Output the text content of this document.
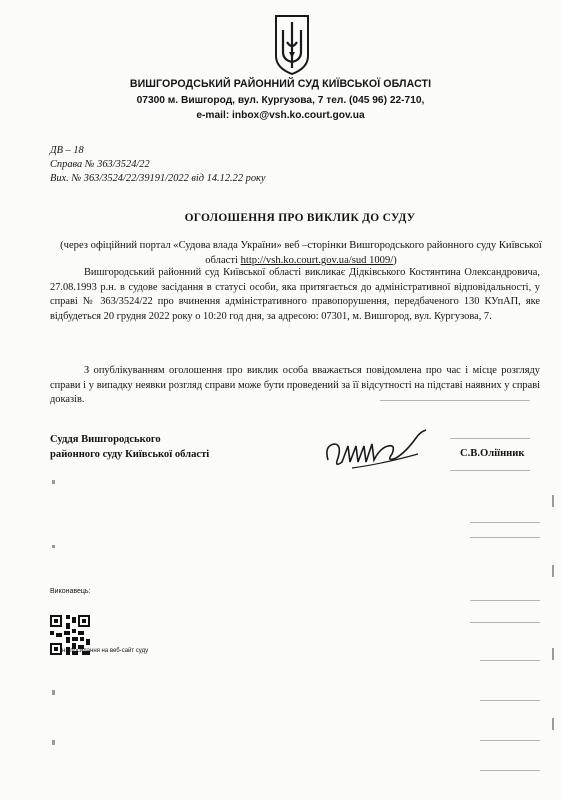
ВИШГОРОДСЬКИЙ РАЙОННИЙ СУД КИЇВСЬКОЇ ОБЛАСТІ
07300 м. Вишгород, вул. Кургузова, 7 тел. (045 96) 22-710,
e-mail: inbox@vsh.ko.court.gov.ua
ДВ – 18
Справа № 363/3524/22
Вих. № 363/3524/22/39191/2022 від 14.12.22 року
ОГОЛОШЕННЯ ПРО ВИКЛИК ДО СУДУ
(через офіційний портал «Судова влада України» веб –сторінки Вишгородського районного суду Київської області http://vsh.ko.court.gov.ua/sud 1009/)
Вишгородський районний суд Київської області викликає Дідківського Костянтина Олександровича, 27.08.1993 р.н. в судове засідання в статусі особи, яка притягається до адміністративної відповідальності, у справі № 363/3524/22 про вчинення адміністративного правопорушення, передбаченого 130 КУпАП, яке відбудеться 20 грудня 2022 року о 10:20 год дня, за адресою: 07301, м. Вишгород, вул. Кургузова, 7.
З опублікуванням оголошення про виклик особа вважається повідомлена про час і місце розгляду справи і у випадку неявки розгляд справи може бути проведений за її відсутності на підставі наявних у справі доказів.
Суддя Вишгородського
районного суду Київської області	С.В.Оліїнник
Виконавець:
ня посилання на веб-сайт суду
